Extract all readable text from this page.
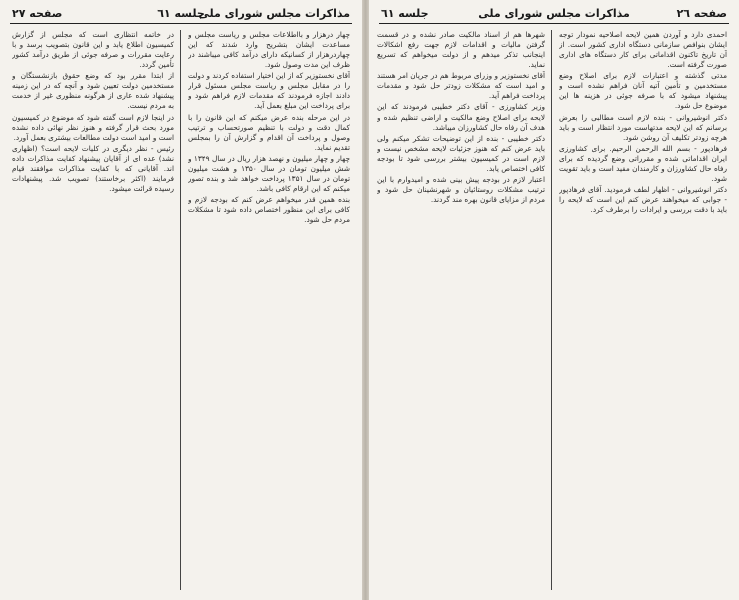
مذاکرات مجلس شورای ملی
جلسه ٦١
صفحه ۲۷

چهار درهزار و بااطلاعات مجلس و ریاست مجلس و مساعدت ایشان بتشریح وارد شدند که این چهاردرهزار از کسانیکه دارای درآمد کافی میباشند در ظرف این مدت وصول شود.

آقای نخستوزیر که از این اختیار استفاده کردند و دولت را در مقابل مجلس و ریاست مجلس مسئول قرار دادند اجازه فرمودند که مقدمات لازم فراهم شود و برای پرداخت این مبلغ بعمل آید.

در این مرحله بنده عرض میکنم که این قانون را با کمال دقت و دولت با تنظیم صورتحساب و ترتیب وصول و پرداخت آن اقدام و گزارش آن را بمجلس تقدیم نماید.

چهار و چهار میلیون و نهصد هزار ریال در سال ۱۳۴۹ و شش میلیون تومان در سال ۱۳۵۰ و هشت میلیون تومان در سال ۱۳۵۱ پرداخت خواهد شد و بنده تصور میکنم که این ارقام کافی باشد.

بنده همین قدر میخواهم عرض کنم که بودجه لازم و کافی برای این منظور اختصاص داده شود تا مشکلات مردم حل شود.

در خاتمه انتظاری است که مجلس از گزارش کمیسیون اطلاع یابد و این قانون بتصویب برسد و با رعایت مقررات و صرفه جوئی از طریق درآمد کشور تأمین گردد.

از ابتدا مقرر بود که وضع حقوق بازنشستگان و مستخدمین دولت تعیین شود و آنچه که در این زمینه پیشنهاد شده عاری از هرگونه منظوری غیر از خدمت به مردم نیست.

در اینجا لازم است گفته شود که موضوع در کمیسیون مورد بحث قرار گرفته و هنوز نظر نهائی داده نشده است و امید است دولت مطالعات بیشتری بعمل آورد.

رئیس - نظر دیگری در کلیات لایحه است؟ (اظهاری نشد) عده ای از آقایان پیشنهاد کفایت مذاکرات داده اند. آقایانی که با کفایت مذاکرات موافقند قیام فرمایند (اکثر برخاستند) تصویب شد. پیشنهادات رسیده قرائت میشود.

صفحه ۲٦
مذاکرات مجلس شورای ملی
جلسه ٦١

احمدی دارد و آوردن همین لایحه اصلاحیه نمودار توجه ایشان بنوافص سازمانی دستگاه اداری کشور است. از آن تاریخ تاکنون اقداماتی برای کار دستگاه های اداری صورت گرفته است.

مدتی گذشته و اعتبارات لازم برای اصلاح وضع مستخدمین و تأمین آتیه آنان فراهم نشده است و پیشنهاد میشود که با صرفه جوئی در هزینه ها این موضوع حل شود.

دکتر انوشیروانی - بنده لازم است مطالبی را بعرض برسانم که این لایحه مدتهاست مورد انتظار است و باید هرچه زودتر تکلیف آن روشن شود.

فرهادپور - بسم الله الرحمن الرحیم. برای کشاورزی ایران اقداماتی شده و مقرراتی وضع گردیده که برای رفاه حال کشاورزان و کارمندان مفید است و باید تقویت شود.

دکتر انوشیروانی - اظهار لطف فرمودید. آقای فرهادپور - جوابی که میخواهند عرض کنم این است که لایحه را باید با دقت بررسی و ایرادات را برطرف کرد.

شهرها هم از اسناد مالکیت صادر نشده و در قسمت گرفتن مالیات و اقدامات لازم جهت رفع اشکالات اینجانب تذکر میدهم و از دولت میخواهم که تسریع نماید.

آقای نخستوزیر و وزرای مربوط هم در جریان امر هستند و امید است که مشکلات زودتر حل شود و مقدمات پرداخت فراهم آید.

وزیر کشاورزی - آقای دکتر خطیبی فرمودند که این لایحه برای اصلاح وضع مالکیت و اراضی تنظیم شده و هدف آن رفاه حال کشاورزان میباشد.

دکتر خطیبی - بنده از این توضیحات تشکر میکنم ولی باید عرض کنم که هنوز جزئیات لایحه مشخص نیست و لازم است در کمیسیون بیشتر بررسی شود تا بودجه کافی اختصاص یابد.

اعتبار لازم در بودجه پیش بینی شده و امیدوارم با این ترتیب مشکلات روستائیان و شهرنشینان حل شود و مردم از مزایای قانون بهره مند گردند.
